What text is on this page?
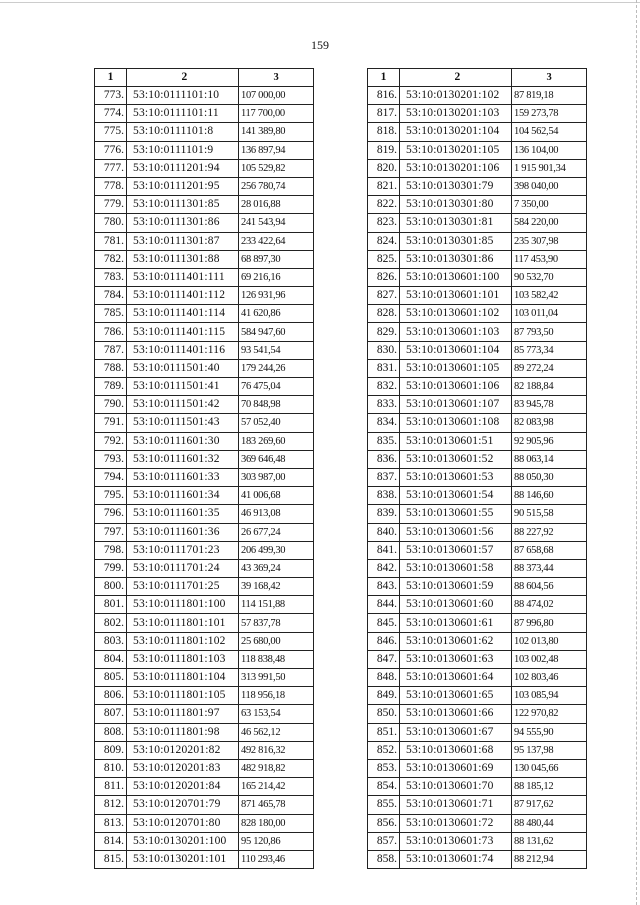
159
1	2	3
773.	53:10:0111101:10	107 000,00
774.	53:10:0111101:11	117 700,00
775.	53:10:0111101:8	141 389,80
776.	53:10:0111101:9	136 897,94
777.	53:10:0111201:94	105 529,82
778.	53:10:0111201:95	256 780,74
779.	53:10:0111301:85	28 016,88
780.	53:10:0111301:86	241 543,94
781.	53:10:0111301:87	233 422,64
782.	53:10:0111301:88	68 897,30
783.	53:10:0111401:111	69 216,16
784.	53:10:0111401:112	126 931,96
785.	53:10:0111401:114	41 620,86
786.	53:10:0111401:115	584 947,60
787.	53:10:0111401:116	93 541,54
788.	53:10:0111501:40	179 244,26
789.	53:10:0111501:41	76 475,04
790.	53:10:0111501:42	70 848,98
791.	53:10:0111501:43	57 052,40
792.	53:10:0111601:30	183 269,60
793.	53:10:0111601:32	369 646,48
794.	53:10:0111601:33	303 987,00
795.	53:10:0111601:34	41 006,68
796.	53:10:0111601:35	46 913,08
797.	53:10:0111601:36	26 677,24
798.	53:10:0111701:23	206 499,30
799.	53:10:0111701:24	43 369,24
800.	53:10:0111701:25	39 168,42
801.	53:10:0111801:100	114 151,88
802.	53:10:0111801:101	57 837,78
803.	53:10:0111801:102	25 680,00
804.	53:10:0111801:103	118 838,48
805.	53:10:0111801:104	313 991,50
806.	53:10:0111801:105	118 956,18
807.	53:10:0111801:97	63 153,54
808.	53:10:0111801:98	46 562,12
809.	53:10:0120201:82	492 816,32
810.	53:10:0120201:83	482 918,82
811.	53:10:0120201:84	165 214,42
812.	53:10:0120701:79	871 465,78
813.	53:10:0120701:80	828 180,00
814.	53:10:0130201:100	95 120,86
815.	53:10:0130201:101	110 293,46
1	2	3
816.	53:10:0130201:102	87 819,18
817.	53:10:0130201:103	159 273,78
818.	53:10:0130201:104	104 562,54
819.	53:10:0130201:105	136 104,00
820.	53:10:0130201:106	1 915 901,34
821.	53:10:0130301:79	398 040,00
822.	53:10:0130301:80	7 350,00
823.	53:10:0130301:81	584 220,00
824.	53:10:0130301:85	235 307,98
825.	53:10:0130301:86	117 453,90
826.	53:10:0130601:100	90 532,70
827.	53:10:0130601:101	103 582,42
828.	53:10:0130601:102	103 011,04
829.	53:10:0130601:103	87 793,50
830.	53:10:0130601:104	85 773,34
831.	53:10:0130601:105	89 272,24
832.	53:10:0130601:106	82 188,84
833.	53:10:0130601:107	83 945,78
834.	53:10:0130601:108	82 083,98
835.	53:10:0130601:51	92 905,96
836.	53:10:0130601:52	88 063,14
837.	53:10:0130601:53	88 050,30
838.	53:10:0130601:54	88 146,60
839.	53:10:0130601:55	90 515,58
840.	53:10:0130601:56	88 227,92
841.	53:10:0130601:57	87 658,68
842.	53:10:0130601:58	88 373,44
843.	53:10:0130601:59	88 604,56
844.	53:10:0130601:60	88 474,02
845.	53:10:0130601:61	87 996,80
846.	53:10:0130601:62	102 013,80
847.	53:10:0130601:63	103 002,48
848.	53:10:0130601:64	102 803,46
849.	53:10:0130601:65	103 085,94
850.	53:10:0130601:66	122 970,82
851.	53:10:0130601:67	94 555,90
852.	53:10:0130601:68	95 137,98
853.	53:10:0130601:69	130 045,66
854.	53:10:0130601:70	88 185,12
855.	53:10:0130601:71	87 917,62
856.	53:10:0130601:72	88 480,44
857.	53:10:0130601:73	88 131,62
858.	53:10:0130601:74	88 212,94
